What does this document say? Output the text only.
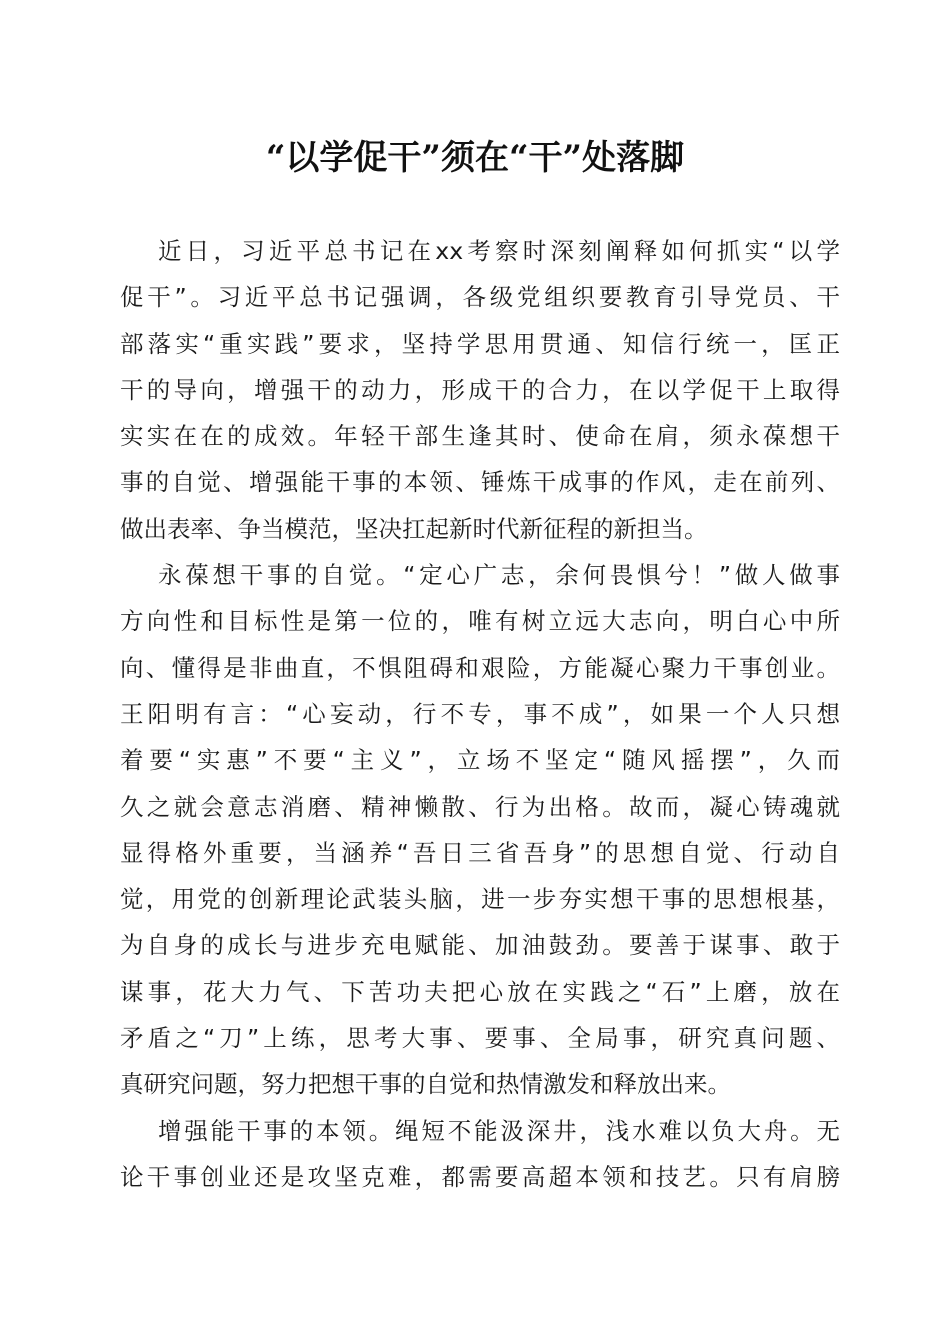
“以学促干”须在“干”处落脚
近日，习近平总书记在xx考察时深刻阐释如何抓实“以学
促干”。习近平总书记强调，各级党组织要教育引导党员、干
部落实“重实践”要求，坚持学思用贯通、知信行统一，匡正
干的导向，增强干的动力，形成干的合力，在以学促干上取得
实实在在的成效。年轻干部生逢其时、使命在肩，须永葆想干
事的自觉、增强能干事的本领、锤炼干成事的作风，走在前列、
做出表率、争当模范，坚决扛起新时代新征程的新担当。
永葆想干事的自觉。“定心广志，余何畏惧兮！”做人做事
方向性和目标性是第一位的，唯有树立远大志向，明白心中所
向、懂得是非曲直，不惧阻碍和艰险，方能凝心聚力干事创业。
王阳明有言：“心妄动，行不专，事不成”，如果一个人只想
着要“实惠”不要“主义”，立场不坚定“随风摇摆”，久而
久之就会意志消磨、精神懒散、行为出格。故而，凝心铸魂就
显得格外重要，当涵养“吾日三省吾身”的思想自觉、行动自
觉，用党的创新理论武装头脑，进一步夯实想干事的思想根基，
为自身的成长与进步充电赋能、加油鼓劲。要善于谋事、敢于
谋事，花大力气、下苦功夫把心放在实践之“石”上磨，放在
矛盾之“刀”上练，思考大事、要事、全局事，研究真问题、
真研究问题，努力把想干事的自觉和热情激发和释放出来。
增强能干事的本领。绳短不能汲深井，浅水难以负大舟。无
论干事创业还是攻坚克难，都需要高超本领和技艺。只有肩膀
